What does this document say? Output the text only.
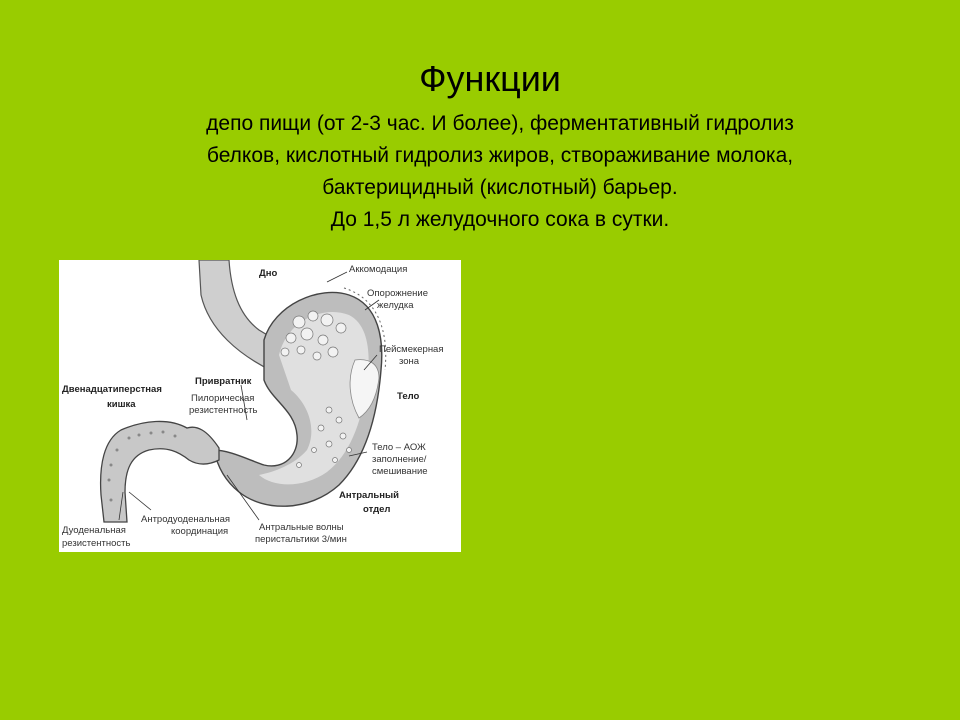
Функции
депо пищи (от 2-3 час. И более), ферментативный гидролиз
белков, кислотный гидролиз жиров, створаживание молока,
бактерицидный (кислотный) барьер.
До 1,5 л желудочного сока в сутки.
Дно	Аккомодация
Опорожнение
желудка
Пейсмекерная
зона
Тело
Привратник
Пилорическая
резистентность
Двенадцатиперстная
кишка
Тело – АОЖ
заполнение/
смешивание
Антральный
отдел
Дуоденальная
резистентность
Антродуоденальная
координация	Антральные волны
перистальтики 3/мин
